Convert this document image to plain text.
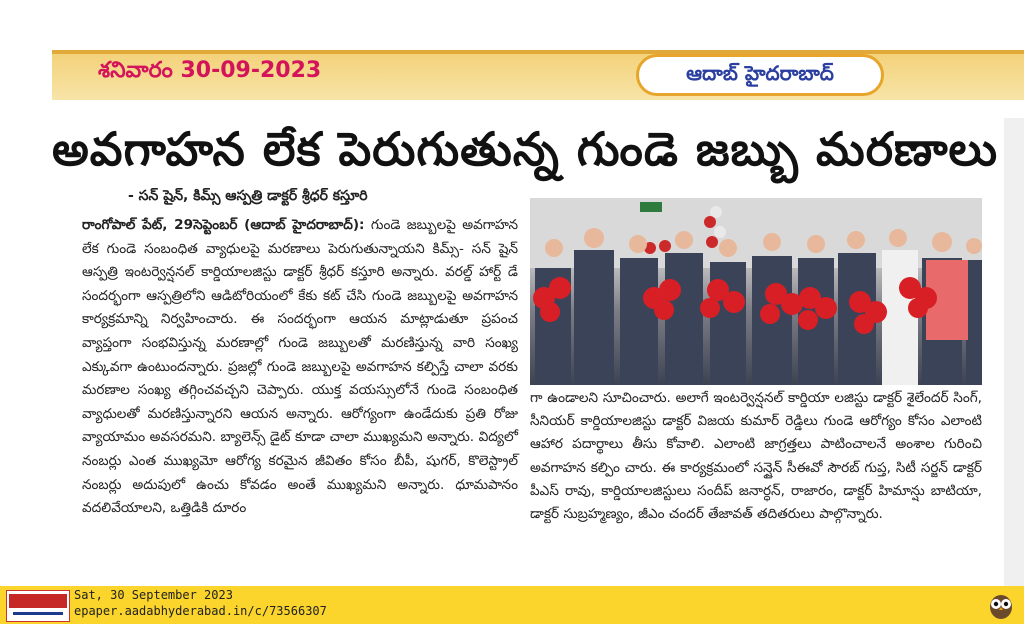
శనివారం 30-09-2023	ఆదాబ్ హైదరాబాద్
అవగాహన లేక పెరుగుతున్న గుండె జబ్బు మరణాలు
- సన్ షైన్, కిమ్స్ ఆస్పత్రి డాక్టర్ శ్రీధర్ కస్తూరి
రాంగోపాల్ పేట్, 29సెప్టెంబర్ (ఆదాబ్ హైదరాబాద్): గుండె జబ్బులపై అవగాహన లేక గుండె సంబంధిత వ్యాధులపై మరణాలు పెరుగుతున్నాయని కిమ్స్- సన్ షైన్ ఆస్పత్రి ఇంటర్వెన్షనల్ కార్డియాలజిస్టు డాక్టర్ శ్రీధర్ కస్తూరి అన్నారు. వరల్డ్ హార్ట్ డే సందర్భంగా ఆస్పత్రిలోని ఆడిటోరియంలో కేకు కట్ చేసి గుండె జబ్బులపై అవగాహన కార్యక్రమాన్ని నిర్వహించారు. ఈ సందర్భంగా ఆయన మాట్లాడుతూ ప్రపంచ వ్యాప్తంగా సంభవిస్తున్న మరణాల్లో గుండె జబ్బులతో మరణిస్తున్న వారి సంఖ్య ఎక్కువగా ఉంటుందన్నారు. ప్రజల్లో గుండె జబ్బులపై అవగాహన కల్పిస్తే చాలా వరకు మరణాల సంఖ్య తగ్గించవచ్చని చెప్పారు. యుక్త వయస్సులోనే గుండె సంబంధిత వ్యాధులతో మరణిస్తున్నారని ఆయన అన్నారు. ఆరోగ్యంగా ఉండేదుకు ప్రతి రోజు వ్యాయామం అవసరమని. బ్యాలెన్స్ డైట్ కూడా చాలా ముఖ్యమని అన్నారు. విద్యలో నంబర్లు ఎంత ముఖ్యమో ఆరోగ్య కరమైన జీవితం కోసం బీపీ, షుగర్, కొలెస్ట్రాల్ నంబర్లు అదుపులో ఉంచు కోవడం అంతే ముఖ్యమని అన్నారు. ధూమపానం వదలివేయాలని, ఒత్తిడికి దూరం
గా ఉండాలని సూచించారు. అలాగే ఇంటర్వెన్షనల్ కార్డియా లజిస్టు డాక్టర్ శైలేందర్ సింగ్, సీనియర్ కార్డియాలజిస్టు డాక్టర్ విజయ కుమార్ రెడ్డిలు గుండె ఆరోగ్యం కోసం ఎలాంటి ఆహార పదార్థాలు తీసు కోవాలి. ఎలాంటి జాగ్రత్తలు పాటించాలనే అంశాల గురించి అవగాహన కల్పిం చారు. ఈ కార్యక్రమంలో సన్షైన్ సీఈవో సౌరబ్ గుప్త, సిటీ సర్జన్ డాక్టర్ పీఎస్ రావు, కార్డియాలజిస్టులు సందీప్ జనార్ధన్, రాజారం, డాక్టర్ హిమాన్షు బాటియా, డాక్టర్ సుబ్రహ్మణ్యం, జీఎం చందర్ తేజావత్ తదితరులు పాల్గొన్నారు.
Sat, 30 September 2023
epaper.aadabhyderabad.in/c/73566307
